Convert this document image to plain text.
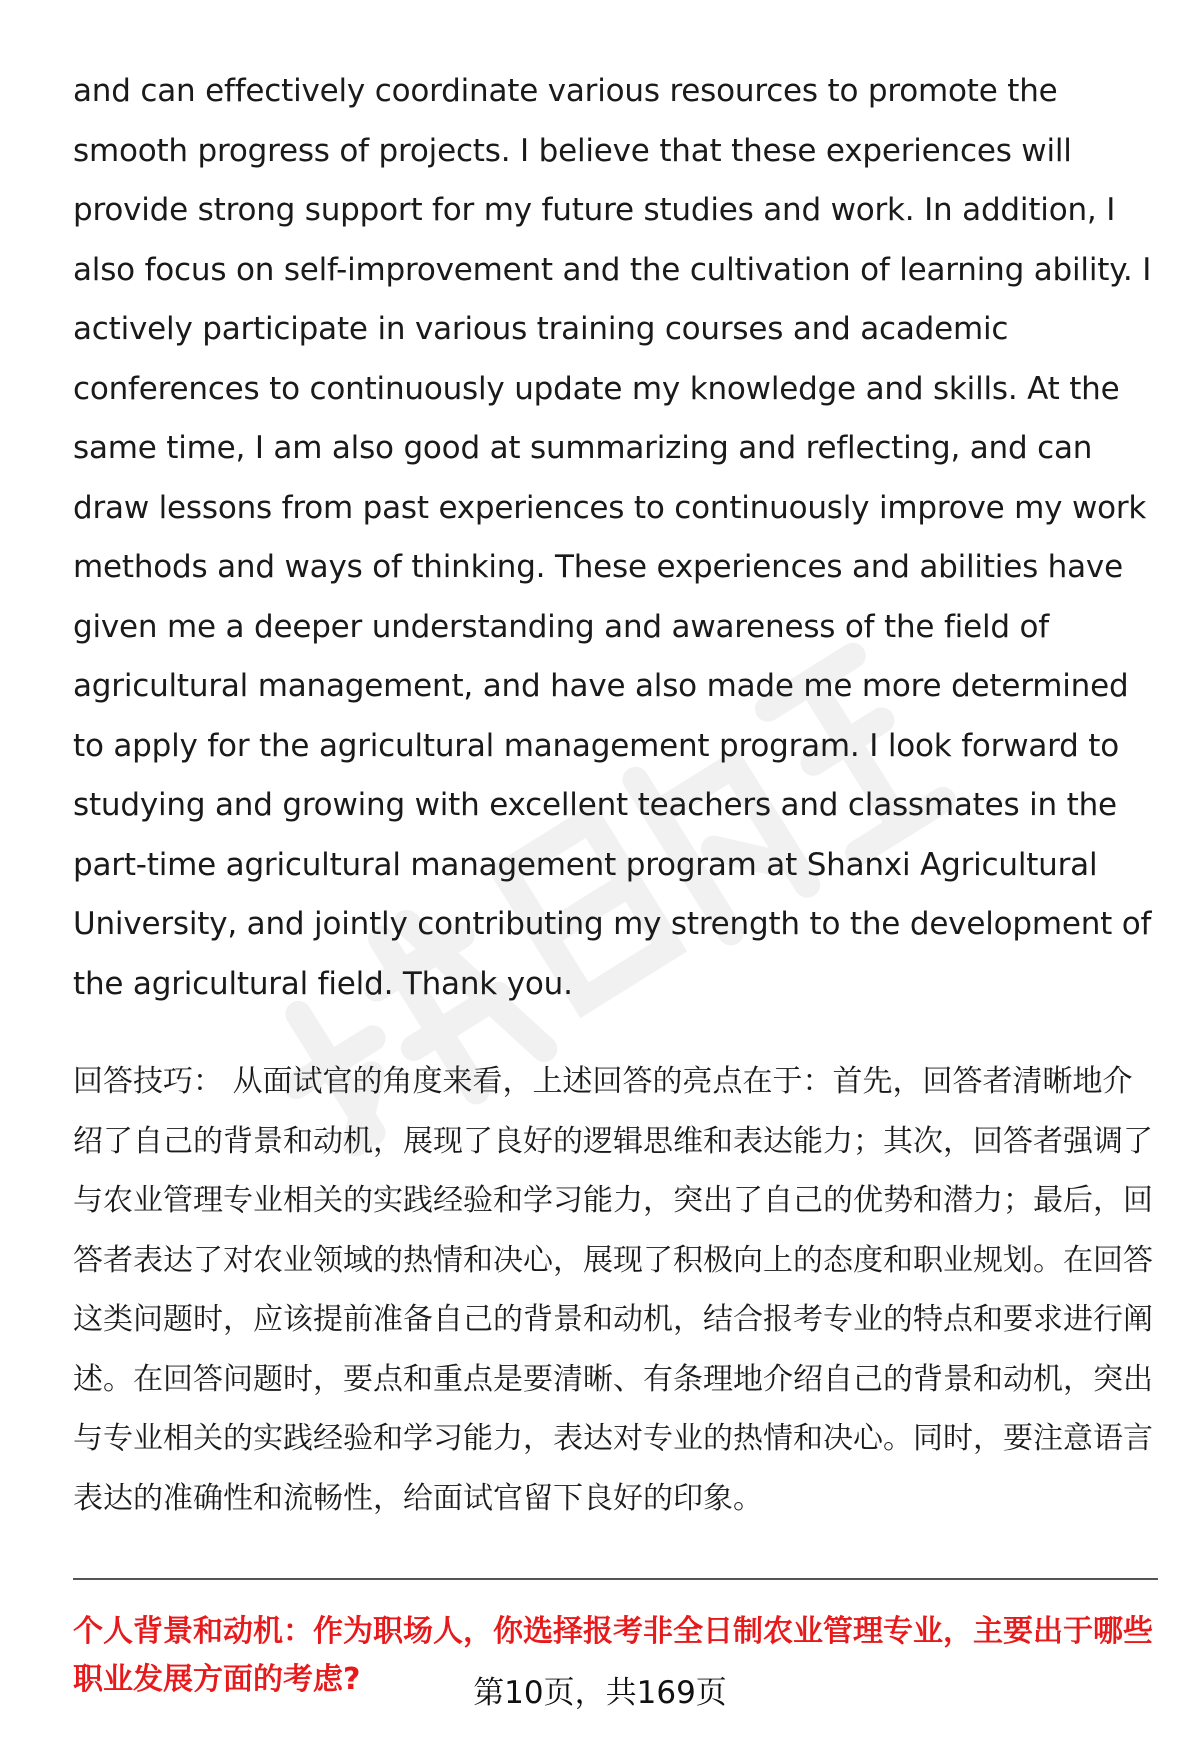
and can effectively coordinate various resources to promote the smooth progress of projects. I believe that these experiences will provide strong support for my future studies and work. In addition, I also focus on self-improvement and the cultivation of learning ability. I actively participate in various training courses and academic conferences to continuously update my knowledge and skills. At the same time, I am also good at summarizing and reflecting, and can draw lessons from past experiences to continuously improve my work methods and ways of thinking. These experiences and abilities have given me a deeper understanding and awareness of the field of agricultural management, and have also made me more determined to apply for the agricultural management program. I look forward to studying and growing with excellent teachers and classmates in the part-time agricultural management program at Shanxi Agricultural University, and jointly contributing my strength to the development of the agricultural field. Thank you.

回答技巧： 从面试官的角度来看，上述回答的亮点在于：首先，回答者清晰地介绍了自己的背景和动机，展现了良好的逻辑思维和表达能力；其次，回答者强调了与农业管理专业相关的实践经验和学习能力，突出了自己的优势和潜力；最后，回答者表达了对农业领域的热情和决心，展现了积极向上的态度和职业规划。在回答这类问题时，应该提前准备自己的背景和动机，结合报考专业的特点和要求进行阐述。在回答问题时，要点和重点是要清晰、有条理地介绍自己的背景和动机，突出与专业相关的实践经验和学习能力，表达对专业的热情和决心。同时，要注意语言表达的准确性和流畅性，给面试官留下良好的印象。

个人背景和动机：作为职场人，你选择报考非全日制农业管理专业，主要出于哪些职业发展方面的考虑?	第10页，共169页
